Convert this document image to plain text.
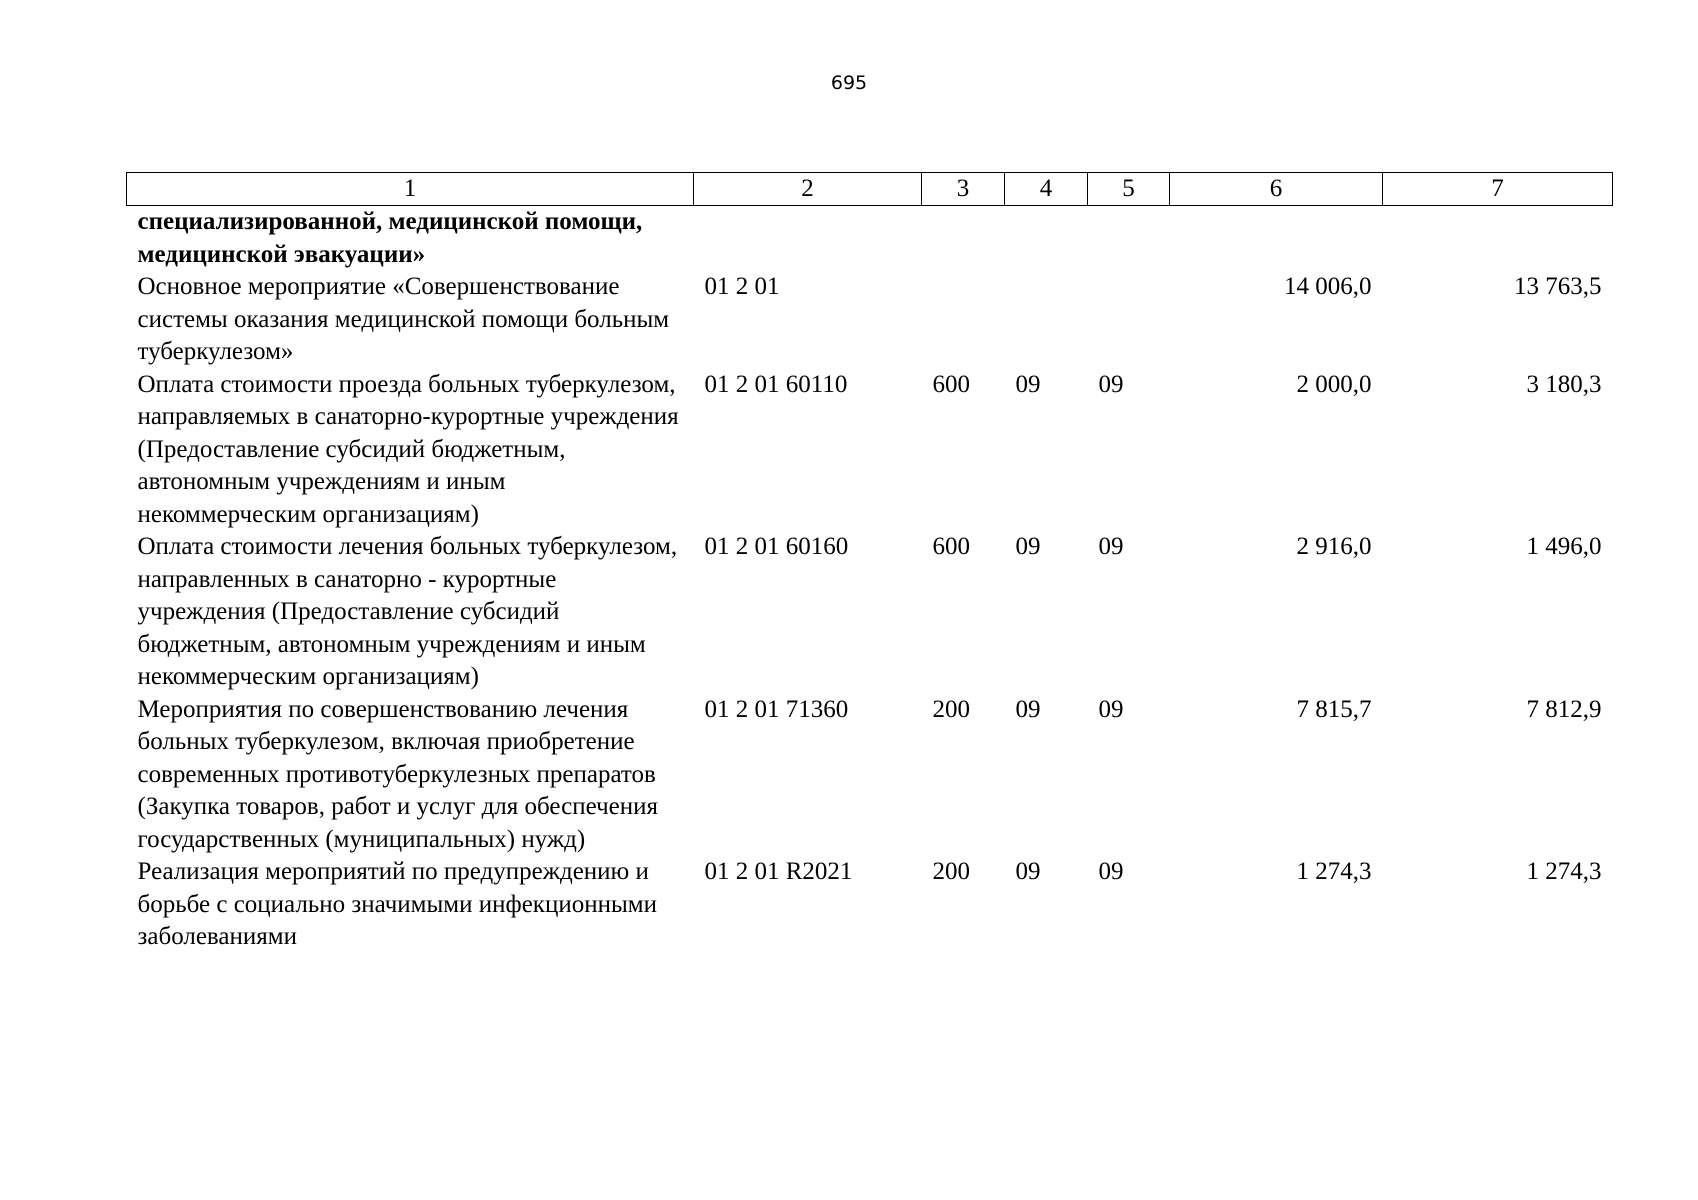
695
1	2	3	4	5	6	7
специализированной, медицинской помощи, медицинской эвакуации»						
Основное мероприятие «Совершенствование системы оказания медицинской помощи больным туберкулезом»	01 2 01				14 006,0	13 763,5
Оплата стоимости проезда больных туберкулезом, направляемых в санаторно-курортные учреждения (Предоставление субсидий бюджетным, автономным учреждениям и иным некоммерческим организациям)	01 2 01 60110	600	09	09	2 000,0	3 180,3
Оплата стоимости лечения больных туберкулезом, направленных в санаторно - курортные учреждения (Предоставление субсидий бюджетным, автономным учреждениям и иным некоммерческим организациям)	01 2 01 60160	600	09	09	2 916,0	1 496,0
Мероприятия по совершенствованию лечения больных туберкулезом, включая приобретение современных противотуберкулезных препаратов (Закупка товаров, работ и услуг для обеспечения государственных (муниципальных) нужд)	01 2 01 71360	200	09	09	7 815,7	7 812,9
Реализация мероприятий по предупреждению и борьбе с социально значимыми инфекционными заболеваниями	01 2 01 R2021	200	09	09	1 274,3	1 274,3
